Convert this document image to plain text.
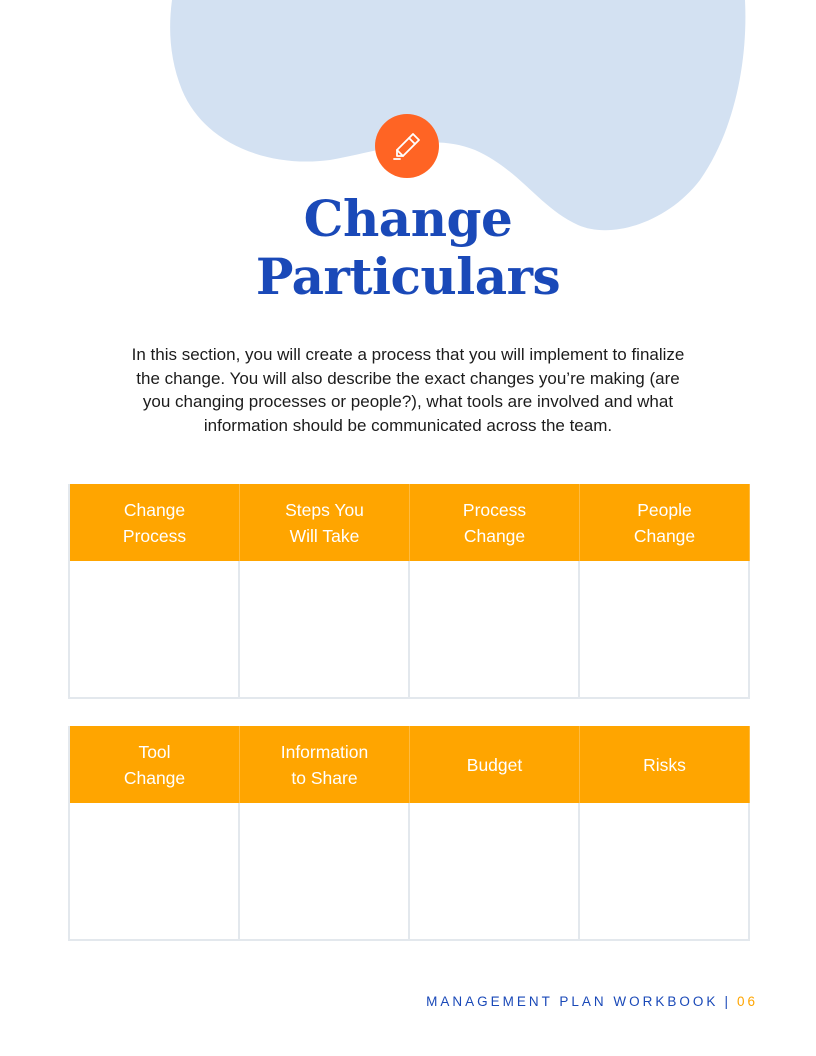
Change
Particulars
In this section, you will create a process that you will implement to finalize
the change. You will also describe the exact changes you’re making (are
you changing processes or people?), what tools are involved and what
information should be communicated across the team.
Change
Process
Steps You
Will Take
Process
Change
People
Change
Tool
Change
Information
to Share
Budget	Risks
MANAGEMENT PLAN WORKBOOK | 06
